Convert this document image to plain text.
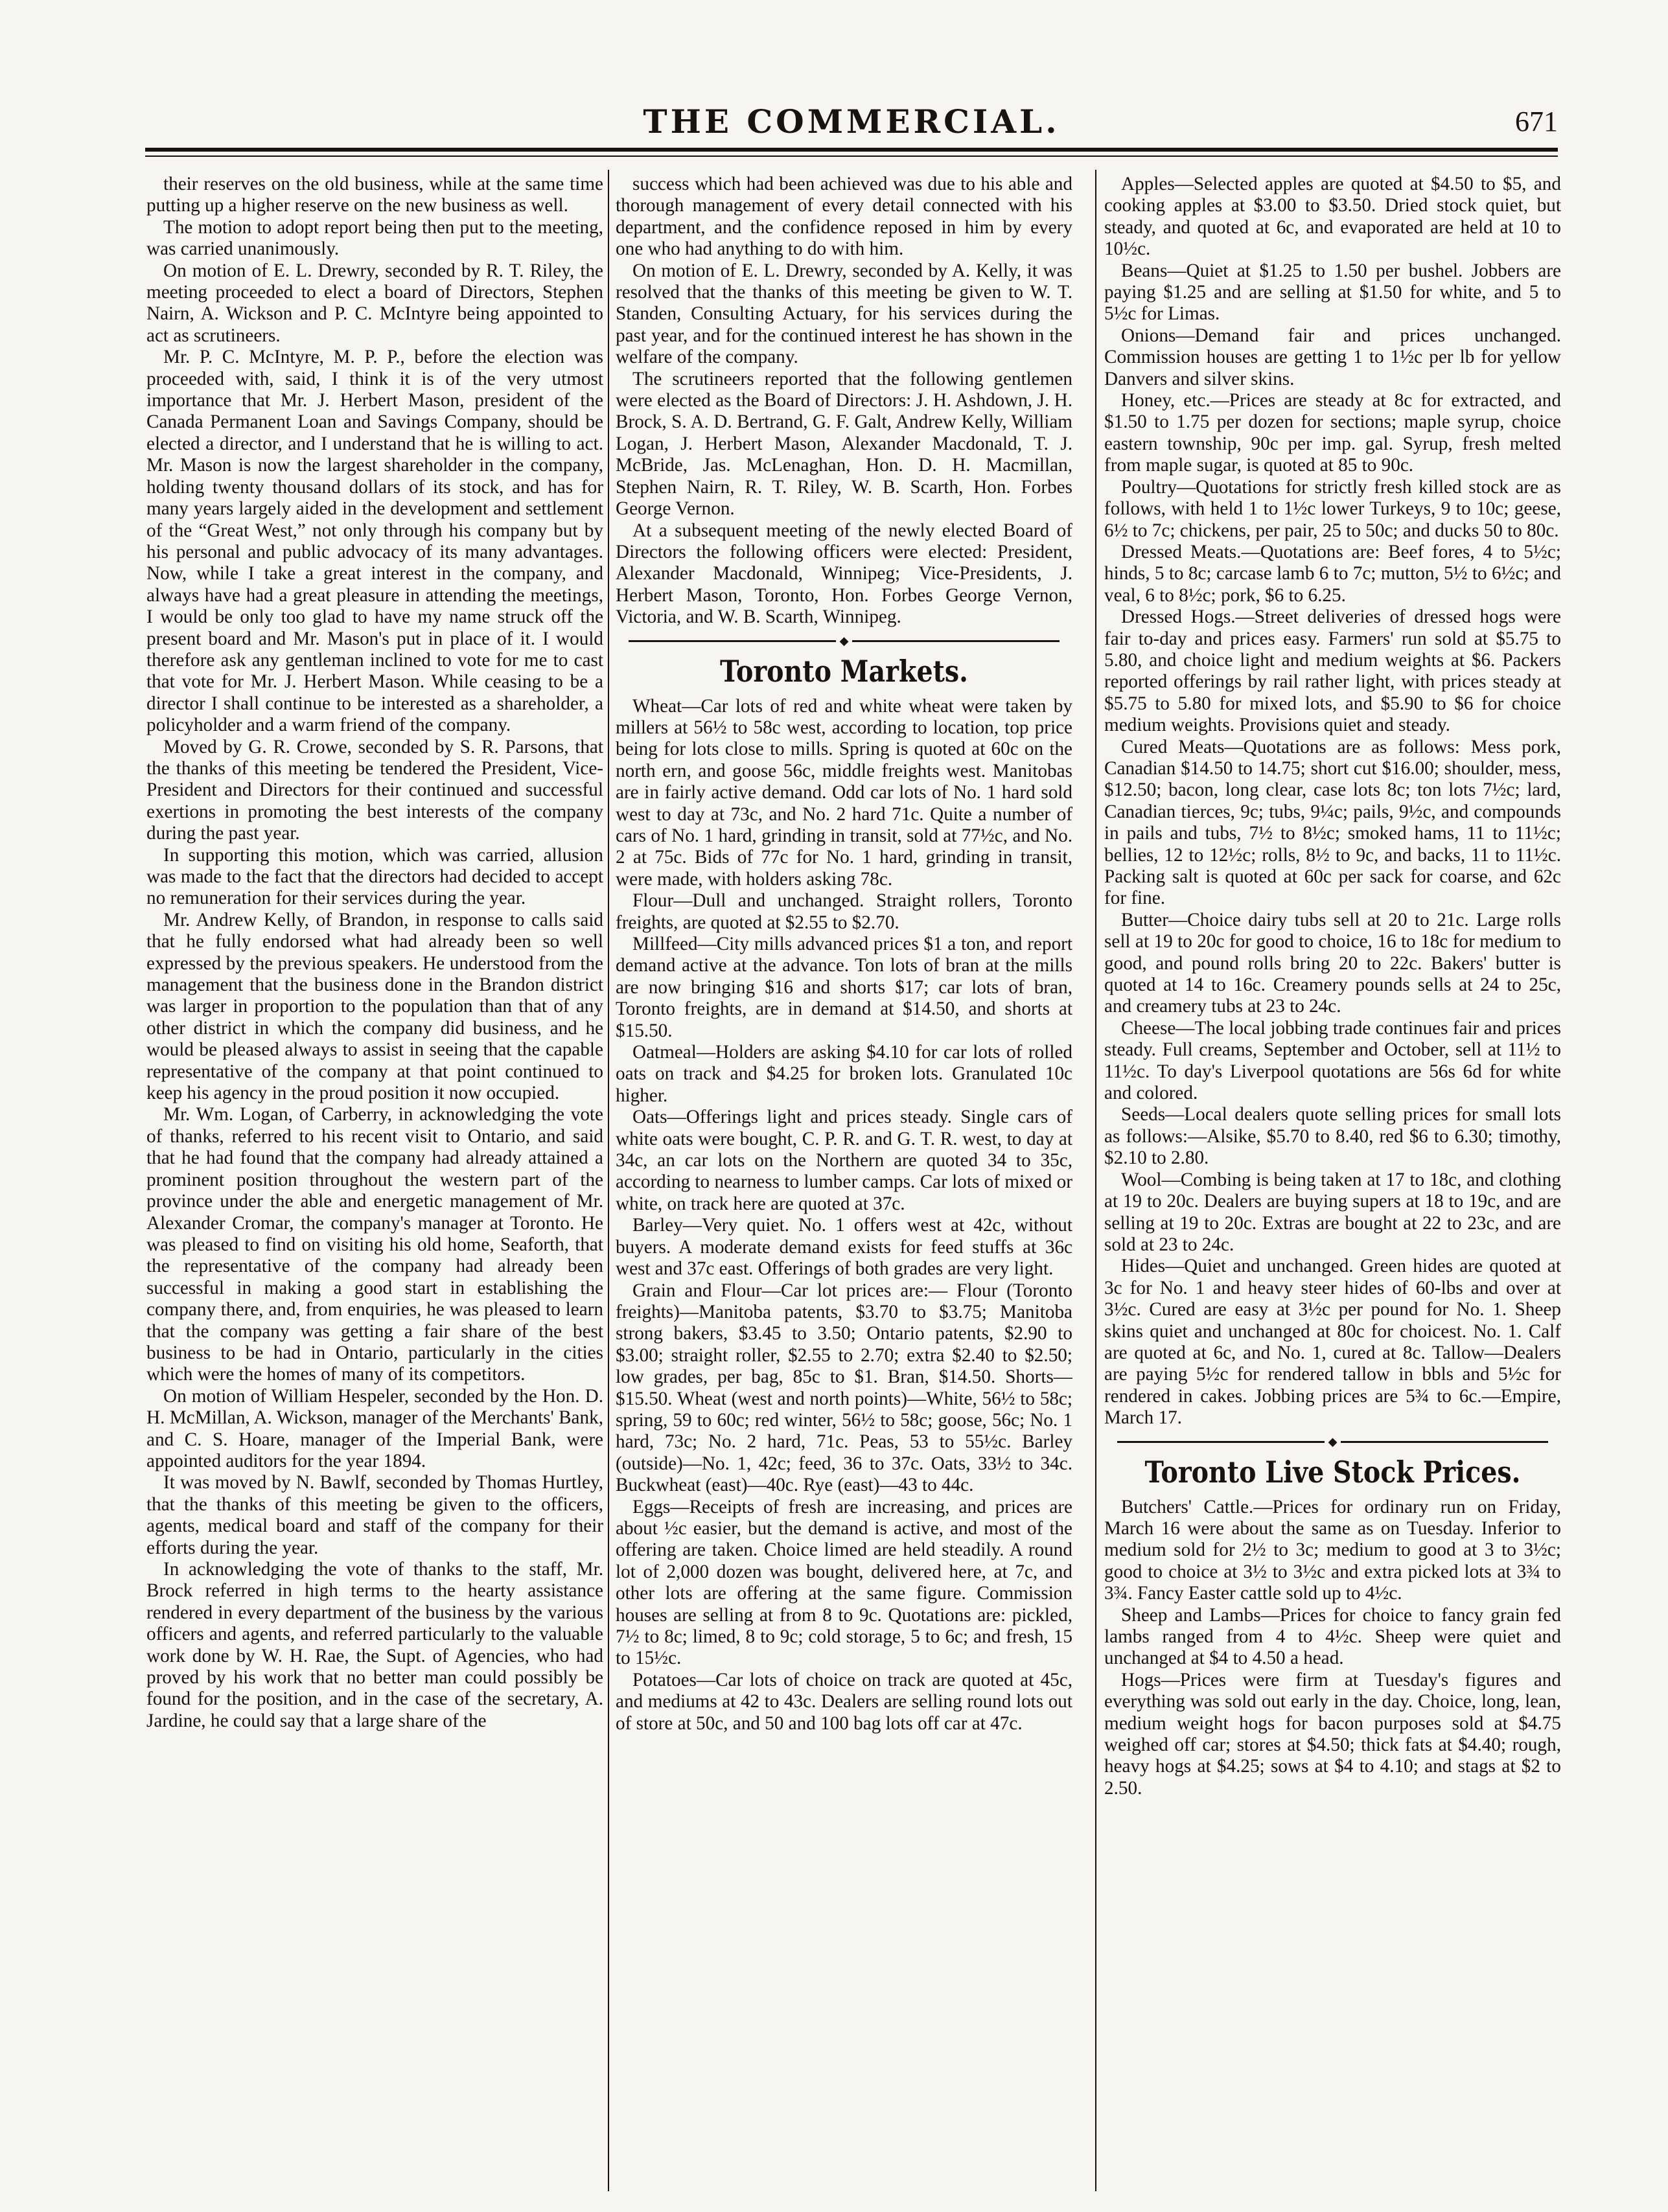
THE COMMERCIAL.	671

their reserves on the old business, while at the same time putting up a higher reserve on the new business as well.

The motion to adopt report being then put to the meeting, was carried unanimously.

On motion of E. L. Drewry, seconded by R. T. Riley, the meeting proceeded to elect a board of Directors, Stephen Nairn, A. Wickson and P. C. McIntyre being appointed to act as scrutineers.

Mr. P. C. McIntyre, M. P. P., before the election was proceeded with, said, I think it is of the very utmost importance that Mr. J. Herbert Mason, president of the Canada Permanent Loan and Savings Company, should be elected a director, and I understand that he is willing to act. Mr. Mason is now the largest shareholder in the company, holding twenty thousand dollars of its stock, and has for many years largely aided in the development and settlement of the “Great West,” not only through his company but by his personal and public advocacy of its many advantages. Now, while I take a great interest in the company, and always have had a great pleasure in attending the meetings, I would be only too glad to have my name struck off the present board and Mr. Mason's put in place of it. I would therefore ask any gentleman inclined to vote for me to cast that vote for Mr. J. Herbert Mason. While ceasing to be a director I shall continue to be interested as a shareholder, a policyholder and a warm friend of the company.

Moved by G. R. Crowe, seconded by S. R. Parsons, that the thanks of this meeting be tendered the President, Vice-President and Directors for their continued and successful exertions in promoting the best interests of the company during the past year.

In supporting this motion, which was carried, allusion was made to the fact that the directors had decided to accept no remuneration for their services during the year.

Mr. Andrew Kelly, of Brandon, in response to calls said that he fully endorsed what had already been so well expressed by the previous speakers. He understood from the management that the business done in the Brandon district was larger in proportion to the population than that of any other district in which the company did business, and he would be pleased always to assist in seeing that the capable representative of the company at that point continued to keep his agency in the proud position it now occupied.

Mr. Wm. Logan, of Carberry, in acknowledging the vote of thanks, referred to his recent visit to Ontario, and said that he had found that the company had already attained a prominent position throughout the western part of the province under the able and energetic management of Mr. Alexander Cromar, the company's manager at Toronto. He was pleased to find on visiting his old home, Seaforth, that the representative of the company had already been successful in making a good start in establishing the company there, and, from enquiries, he was pleased to learn that the company was getting a fair share of the best business to be had in Ontario, particularly in the cities which were the homes of many of its competitors.

On motion of William Hespeler, seconded by the Hon. D. H. McMillan, A. Wickson, manager of the Merchants' Bank, and C. S. Hoare, manager of the Imperial Bank, were appointed auditors for the year 1894.

It was moved by N. Bawlf, seconded by Thomas Hurtley, that the thanks of this meeting be given to the officers, agents, medical board and staff of the company for their efforts during the year.

In acknowledging the vote of thanks to the staff, Mr. Brock referred in high terms to the hearty assistance rendered in every department of the business by the various officers and agents, and referred particularly to the valuable work done by W. H. Rae, the Supt. of Agencies, who had proved by his work that no better man could possibly be found for the position, and in the case of the secretary, A. Jardine, he could say that a large share of the

success which had been achieved was due to his able and thorough management of every detail connected with his department, and the confidence reposed in him by every one who had anything to do with him.

On motion of E. L. Drewry, seconded by A. Kelly, it was resolved that the thanks of this meeting be given to W. T. Standen, Consulting Actuary, for his services during the past year, and for the continued interest he has shown in the welfare of the company.

The scrutineers reported that the following gentlemen were elected as the Board of Directors: J. H. Ashdown, J. H. Brock, S. A. D. Bertrand, G. F. Galt, Andrew Kelly, William Logan, J. Herbert Mason, Alexander Macdonald, T. J. McBride, Jas. McLenaghan, Hon. D. H. Macmillan, Stephen Nairn, R. T. Riley, W. B. Scarth, Hon. Forbes George Vernon.

At a subsequent meeting of the newly elected Board of Directors the following officers were elected: President, Alexander Macdonald, Winnipeg; Vice-Presidents, J. Herbert Mason, Toronto, Hon. Forbes George Vernon, Victoria, and W. B. Scarth, Winnipeg.

◆
Toronto Markets.

Wheat—Car lots of red and white wheat were taken by millers at 56½ to 58c west, according to location, top price being for lots close to mills. Spring is quoted at 60c on the north ern, and goose 56c, middle freights west. Manitobas are in fairly active demand. Odd car lots of No. 1 hard sold west to day at 73c, and No. 2 hard 71c. Quite a number of cars of No. 1 hard, grinding in transit, sold at 77½c, and No. 2 at 75c. Bids of 77c for No. 1 hard, grinding in transit, were made, with holders asking 78c.

Flour—Dull and unchanged. Straight rollers, Toronto freights, are quoted at $2.55 to $2.70.

Millfeed—City mills advanced prices $1 a ton, and report demand active at the advance. Ton lots of bran at the mills are now bringing $16 and shorts $17; car lots of bran, Toronto freights, are in demand at $14.50, and shorts at $15.50.

Oatmeal—Holders are asking $4.10 for car lots of rolled oats on track and $4.25 for broken lots. Granulated 10c higher.

Oats—Offerings light and prices steady. Single cars of white oats were bought, C. P. R. and G. T. R. west, to day at 34c, an car lots on the Northern are quoted 34 to 35c, according to nearness to lumber camps. Car lots of mixed or white, on track here are quoted at 37c.

Barley—Very quiet. No. 1 offers west at 42c, without buyers. A moderate demand exists for feed stuffs at 36c west and 37c east. Offerings of both grades are very light.

Grain and Flour—Car lot prices are:— Flour (Toronto freights)—Manitoba patents, $3.70 to $3.75; Manitoba strong bakers, $3.45 to 3.50; Ontario patents, $2.90 to $3.00; straight roller, $2.55 to 2.70; extra $2.40 to $2.50; low grades, per bag, 85c to $1. Bran, $14.50. Shorts—$15.50. Wheat (west and north points)—White, 56½ to 58c; spring, 59 to 60c; red winter, 56½ to 58c; goose, 56c; No. 1 hard, 73c; No. 2 hard, 71c. Peas, 53 to 55½c. Barley (outside)—No. 1, 42c; feed, 36 to 37c. Oats, 33½ to 34c. Buckwheat (east)—40c. Rye (east)—43 to 44c.

Eggs—Receipts of fresh are increasing, and prices are about ½c easier, but the demand is active, and most of the offering are taken. Choice limed are held steadily. A round lot of 2,000 dozen was bought, delivered here, at 7c, and other lots are offering at the same figure. Commission houses are selling at from 8 to 9c. Quotations are: pickled, 7½ to 8c; limed, 8 to 9c; cold storage, 5 to 6c; and fresh, 15 to 15½c.

Potatoes—Car lots of choice on track are quoted at 45c, and mediums at 42 to 43c. Dealers are selling round lots out of store at 50c, and 50 and 100 bag lots off car at 47c.

Apples—Selected apples are quoted at $4.50 to $5, and cooking apples at $3.00 to $3.50. Dried stock quiet, but steady, and quoted at 6c, and evaporated are held at 10 to 10½c.

Beans—Quiet at $1.25 to 1.50 per bushel. Jobbers are paying $1.25 and are selling at $1.50 for white, and 5 to 5½c for Limas.

Onions—Demand fair and prices unchanged. Commission houses are getting 1 to 1½c per lb for yellow Danvers and silver skins.

Honey, etc.—Prices are steady at 8c for extracted, and $1.50 to 1.75 per dozen for sections; maple syrup, choice eastern township, 90c per imp. gal. Syrup, fresh melted from maple sugar, is quoted at 85 to 90c.

Poultry—Quotations for strictly fresh killed stock are as follows, with held 1 to 1½c lower Turkeys, 9 to 10c; geese, 6½ to 7c; chickens, per pair, 25 to 50c; and ducks 50 to 80c.

Dressed Meats.—Quotations are: Beef fores, 4 to 5½c; hinds, 5 to 8c; carcase lamb 6 to 7c; mutton, 5½ to 6½c; and veal, 6 to 8½c; pork, $6 to 6.25.

Dressed Hogs.—Street deliveries of dressed hogs were fair to-day and prices easy. Farmers' run sold at $5.75 to 5.80, and choice light and medium weights at $6. Packers reported offerings by rail rather light, with prices steady at $5.75 to 5.80 for mixed lots, and $5.90 to $6 for choice medium weights. Provisions quiet and steady.

Cured Meats—Quotations are as follows: Mess pork, Canadian $14.50 to 14.75; short cut $16.00; shoulder, mess, $12.50; bacon, long clear, case lots 8c; ton lots 7½c; lard, Canadian tierces, 9c; tubs, 9¼c; pails, 9½c, and compounds in pails and tubs, 7½ to 8½c; smoked hams, 11 to 11½c; bellies, 12 to 12½c; rolls, 8½ to 9c, and backs, 11 to 11½c. Packing salt is quoted at 60c per sack for coarse, and 62c for fine.

Butter—Choice dairy tubs sell at 20 to 21c. Large rolls sell at 19 to 20c for good to choice, 16 to 18c for medium to good, and pound rolls bring 20 to 22c. Bakers' butter is quoted at 14 to 16c. Creamery pounds sells at 24 to 25c, and creamery tubs at 23 to 24c.

Cheese—The local jobbing trade continues fair and prices steady. Full creams, September and October, sell at 11½ to 11½c. To day's Liverpool quotations are 56s 6d for white and colored.

Seeds—Local dealers quote selling prices for small lots as follows:—Alsike, $5.70 to 8.40, red $6 to 6.30; timothy, $2.10 to 2.80.

Wool—Combing is being taken at 17 to 18c, and clothing at 19 to 20c. Dealers are buying supers at 18 to 19c, and are selling at 19 to 20c. Extras are bought at 22 to 23c, and are sold at 23 to 24c.

Hides—Quiet and unchanged. Green hides are quoted at 3c for No. 1 and heavy steer hides of 60-lbs and over at 3½c. Cured are easy at 3½c per pound for No. 1. Sheep skins quiet and unchanged at 80c for choicest. No. 1. Calf are quoted at 6c, and No. 1, cured at 8c. Tallow—Dealers are paying 5½c for rendered tallow in bbls and 5½c for rendered in cakes. Jobbing prices are 5¾ to 6c.—Empire, March 17.

◆
Toronto Live Stock Prices.

Butchers' Cattle.—Prices for ordinary run on Friday, March 16 were about the same as on Tuesday. Inferior to medium sold for 2½ to 3c; medium to good at 3 to 3½c; good to choice at 3½ to 3½c and extra picked lots at 3¾ to 3¾. Fancy Easter cattle sold up to 4½c.

Sheep and Lambs—Prices for choice to fancy grain fed lambs ranged from 4 to 4½c. Sheep were quiet and unchanged at $4 to 4.50 a head.

Hogs—Prices were firm at Tuesday's figures and everything was sold out early in the day. Choice, long, lean, medium weight hogs for bacon purposes sold at $4.75 weighed off car; stores at $4.50; thick fats at $4.40; rough, heavy hogs at $4.25; sows at $4 to 4.10; and stags at $2 to 2.50.
